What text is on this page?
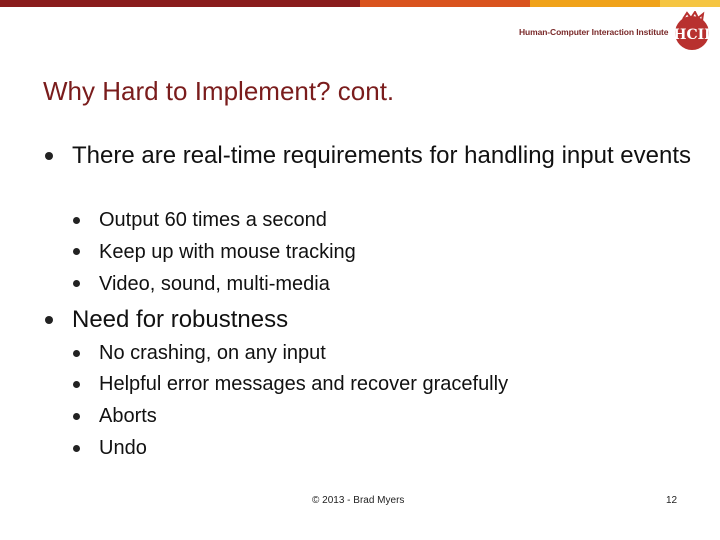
Human-Computer Interaction Institute HCII
Why Hard to Implement? cont.
There are real-time requirements for handling input events
Output 60 times a second
Keep up with mouse tracking
Video, sound, multi-media
Need for robustness
No crashing, on any input
Helpful error messages and recover gracefully
Aborts
Undo
© 2013 - Brad Myers	12
